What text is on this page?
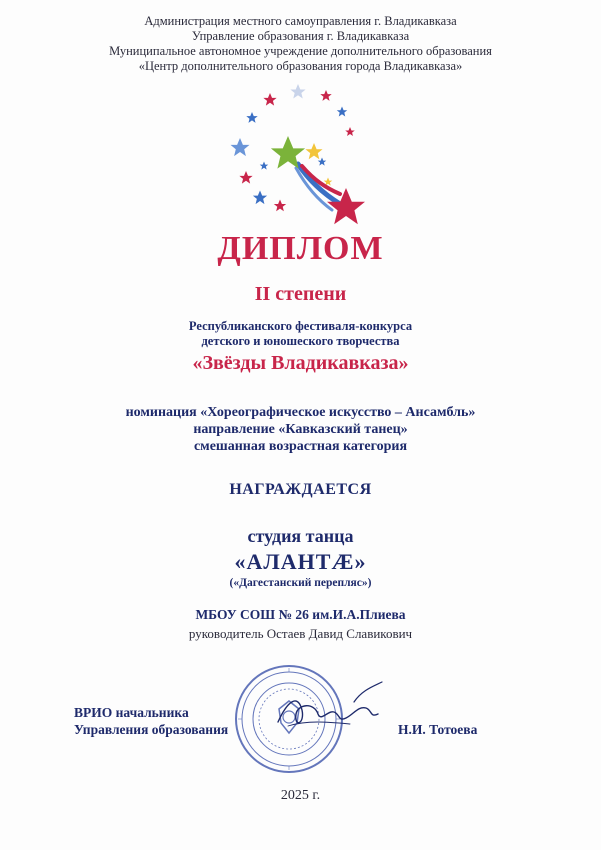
Администрация местного самоуправления г. Владикавказа
Управление образования г. Владикавказа
Муниципальное автономное учреждение дополнительного образования
«Центр дополнительного образования города Владикавказа»
ДИПЛОМ
II степени
Республиканского фестиваля-конкурса
детского и юношеского творчества
«Звёзды Владикавказа»
номинация «Хореографическое искусство – Ансамбль»
направление «Кавказский танец»
смешанная возрастная категория
НАГРАЖДАЕТСЯ
студия танца
«АЛАНТÆ»
(«Дагестанский перепляс»)
МБОУ СОШ № 26 им.И.А.Плиева
руководитель Остаев Давид Славикович
ВРИО начальника
Управления образования	Н.И. Тотоева
2025 г.
